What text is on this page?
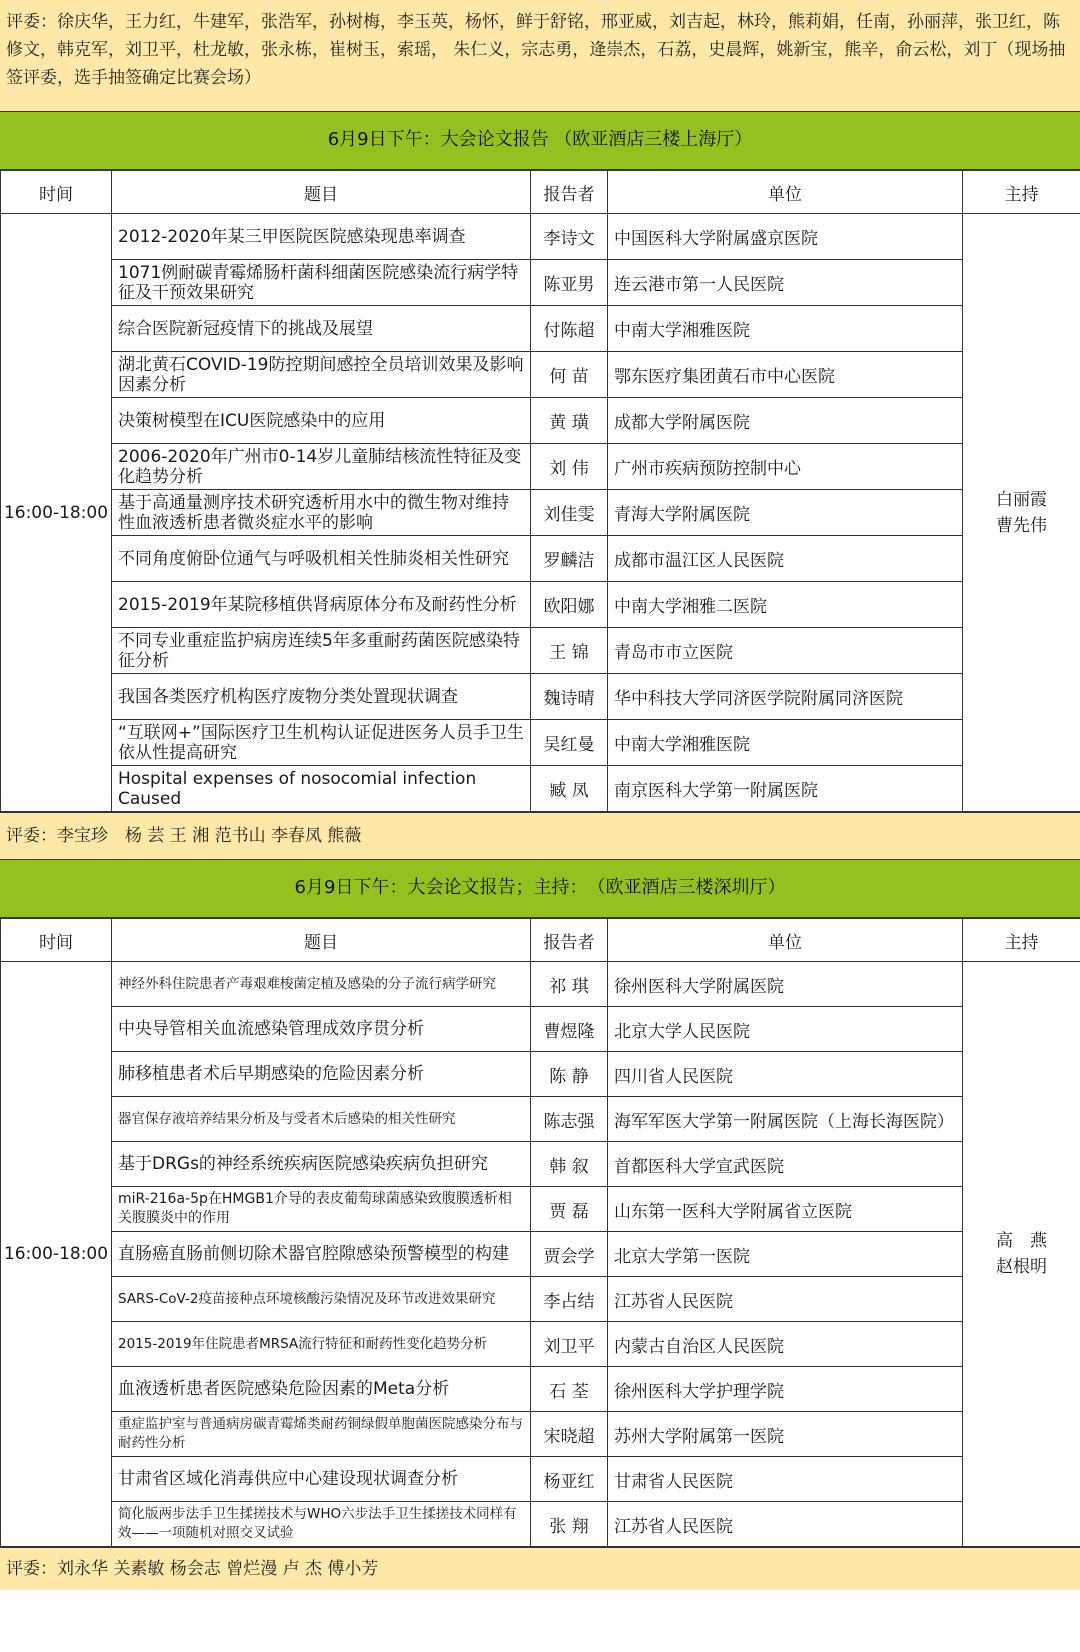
评委：徐庆华，王力红，牛建军，张浩军，孙树梅，李玉英，杨怀，鲜于舒铭，邢亚威，刘吉起，林玲，熊莉娟，任南，孙丽萍，张卫红，陈修文，韩克军，刘卫平，杜龙敏，张永栋，崔树玉，索瑶， 朱仁义，宗志勇，逄崇杰，石荔，史晨辉，姚新宝，熊辛，俞云松，刘丁（现场抽签评委，选手抽签确定比赛会场）
6月9日下午：大会论文报告 （欧亚酒店三楼上海厅）
时间	题目	报告者	单位	主持
16:00-18:00	2012-2020年某三甲医院医院感染现患率调查	李诗文	中国医科大学附属盛京医院	白丽霞
曹先伟

	1071例耐碳青霉烯肠杆菌科细菌医院感染流行病学特征及干预效果研究	陈亚男	连云港市第一人民医院	
	综合医院新冠疫情下的挑战及展望	付陈超	中南大学湘雅医院	
	湖北黄石COVID-19防控期间感控全员培训效果及影响因素分析	何 苗	鄂东医疗集团黄石市中心医院	
	决策树模型在ICU医院感染中的应用	黄 璜	成都大学附属医院	
	2006-2020年广州市0-14岁儿童肺结核流性特征及变化趋势分析	刘 伟	广州市疾病预防控制中心	
	基于高通量测序技术研究透析用水中的微生物对维持性血液透析患者微炎症水平的影响	刘佳雯	青海大学附属医院	
	不同角度俯卧位通气与呼吸机相关性肺炎相关性研究	罗麟洁	成都市温江区人民医院	
	2015-2019年某院移植供肾病原体分布及耐药性分析	欧阳娜	中南大学湘雅二医院	
	不同专业重症监护病房连续5年多重耐药菌医院感染特征分析	王 锦	青岛市市立医院	
	我国各类医疗机构医疗废物分类处置现状调查	魏诗晴	华中科技大学同济医学院附属同济医院	
	“互联网+”国际医疗卫生机构认证促进医务人员手卫生依从性提高研究	吴红曼	中南大学湘雅医院	
	Hospital expenses of nosocomial infection Caused	臧 凤	南京医科大学第一附属医院	
评委：李宝珍　杨 芸 王 湘 范书山 李春凤 熊薇
6月9日下午：大会论文报告；主持：　（欧亚酒店三楼深圳厅）
时间	题目	报告者	单位	主持
16:00-18:00	神经外科住院患者产毒艰难梭菌定植及感染的分子流行病学研究	祁 琪	徐州医科大学附属医院	高　燕
赵根明

	中央导管相关血流感染管理成效序贯分析	曹煜隆	北京大学人民医院	
	肺移植患者术后早期感染的危险因素分析	陈 静	四川省人民医院	
	器官保存液培养结果分析及与受者术后感染的相关性研究	陈志强	海军军医大学第一附属医院（上海长海医院）	
	基于DRGs的神经系统疾病医院感染疾病负担研究	韩 叙	首都医科大学宣武医院	
	miR-216a-5p在HMGB1介导的表皮葡萄球菌感染致腹膜透析相关腹膜炎中的作用	贾 磊	山东第一医科大学附属省立医院	
	直肠癌直肠前侧切除术器官腔隙感染预警模型的构建	贾会学	北京大学第一医院	
	SARS-CoV-2疫苗接种点环境核酸污染情况及环节改进效果研究	李占结	江苏省人民医院	
	2015-2019年住院患者MRSA流行特征和耐药性变化趋势分析	刘卫平	内蒙古自治区人民医院	
	血液透析患者医院感染危险因素的Meta分析	石 荃	徐州医科大学护理学院	
	重症监护室与普通病房碳青霉烯类耐药铜绿假单胞菌医院感染分布与耐药性分析	宋晓超	苏州大学附属第一医院	
	甘肃省区域化消毒供应中心建设现状调查分析	杨亚红	甘肃省人民医院	
	简化版两步法手卫生揉搓技术与WHO六步法手卫生揉搓技术同样有效——一项随机对照交叉试验	张 翔	江苏省人民医院	
评委：刘永华 关素敏 杨会志 曾烂漫 卢 杰 傅小芳
